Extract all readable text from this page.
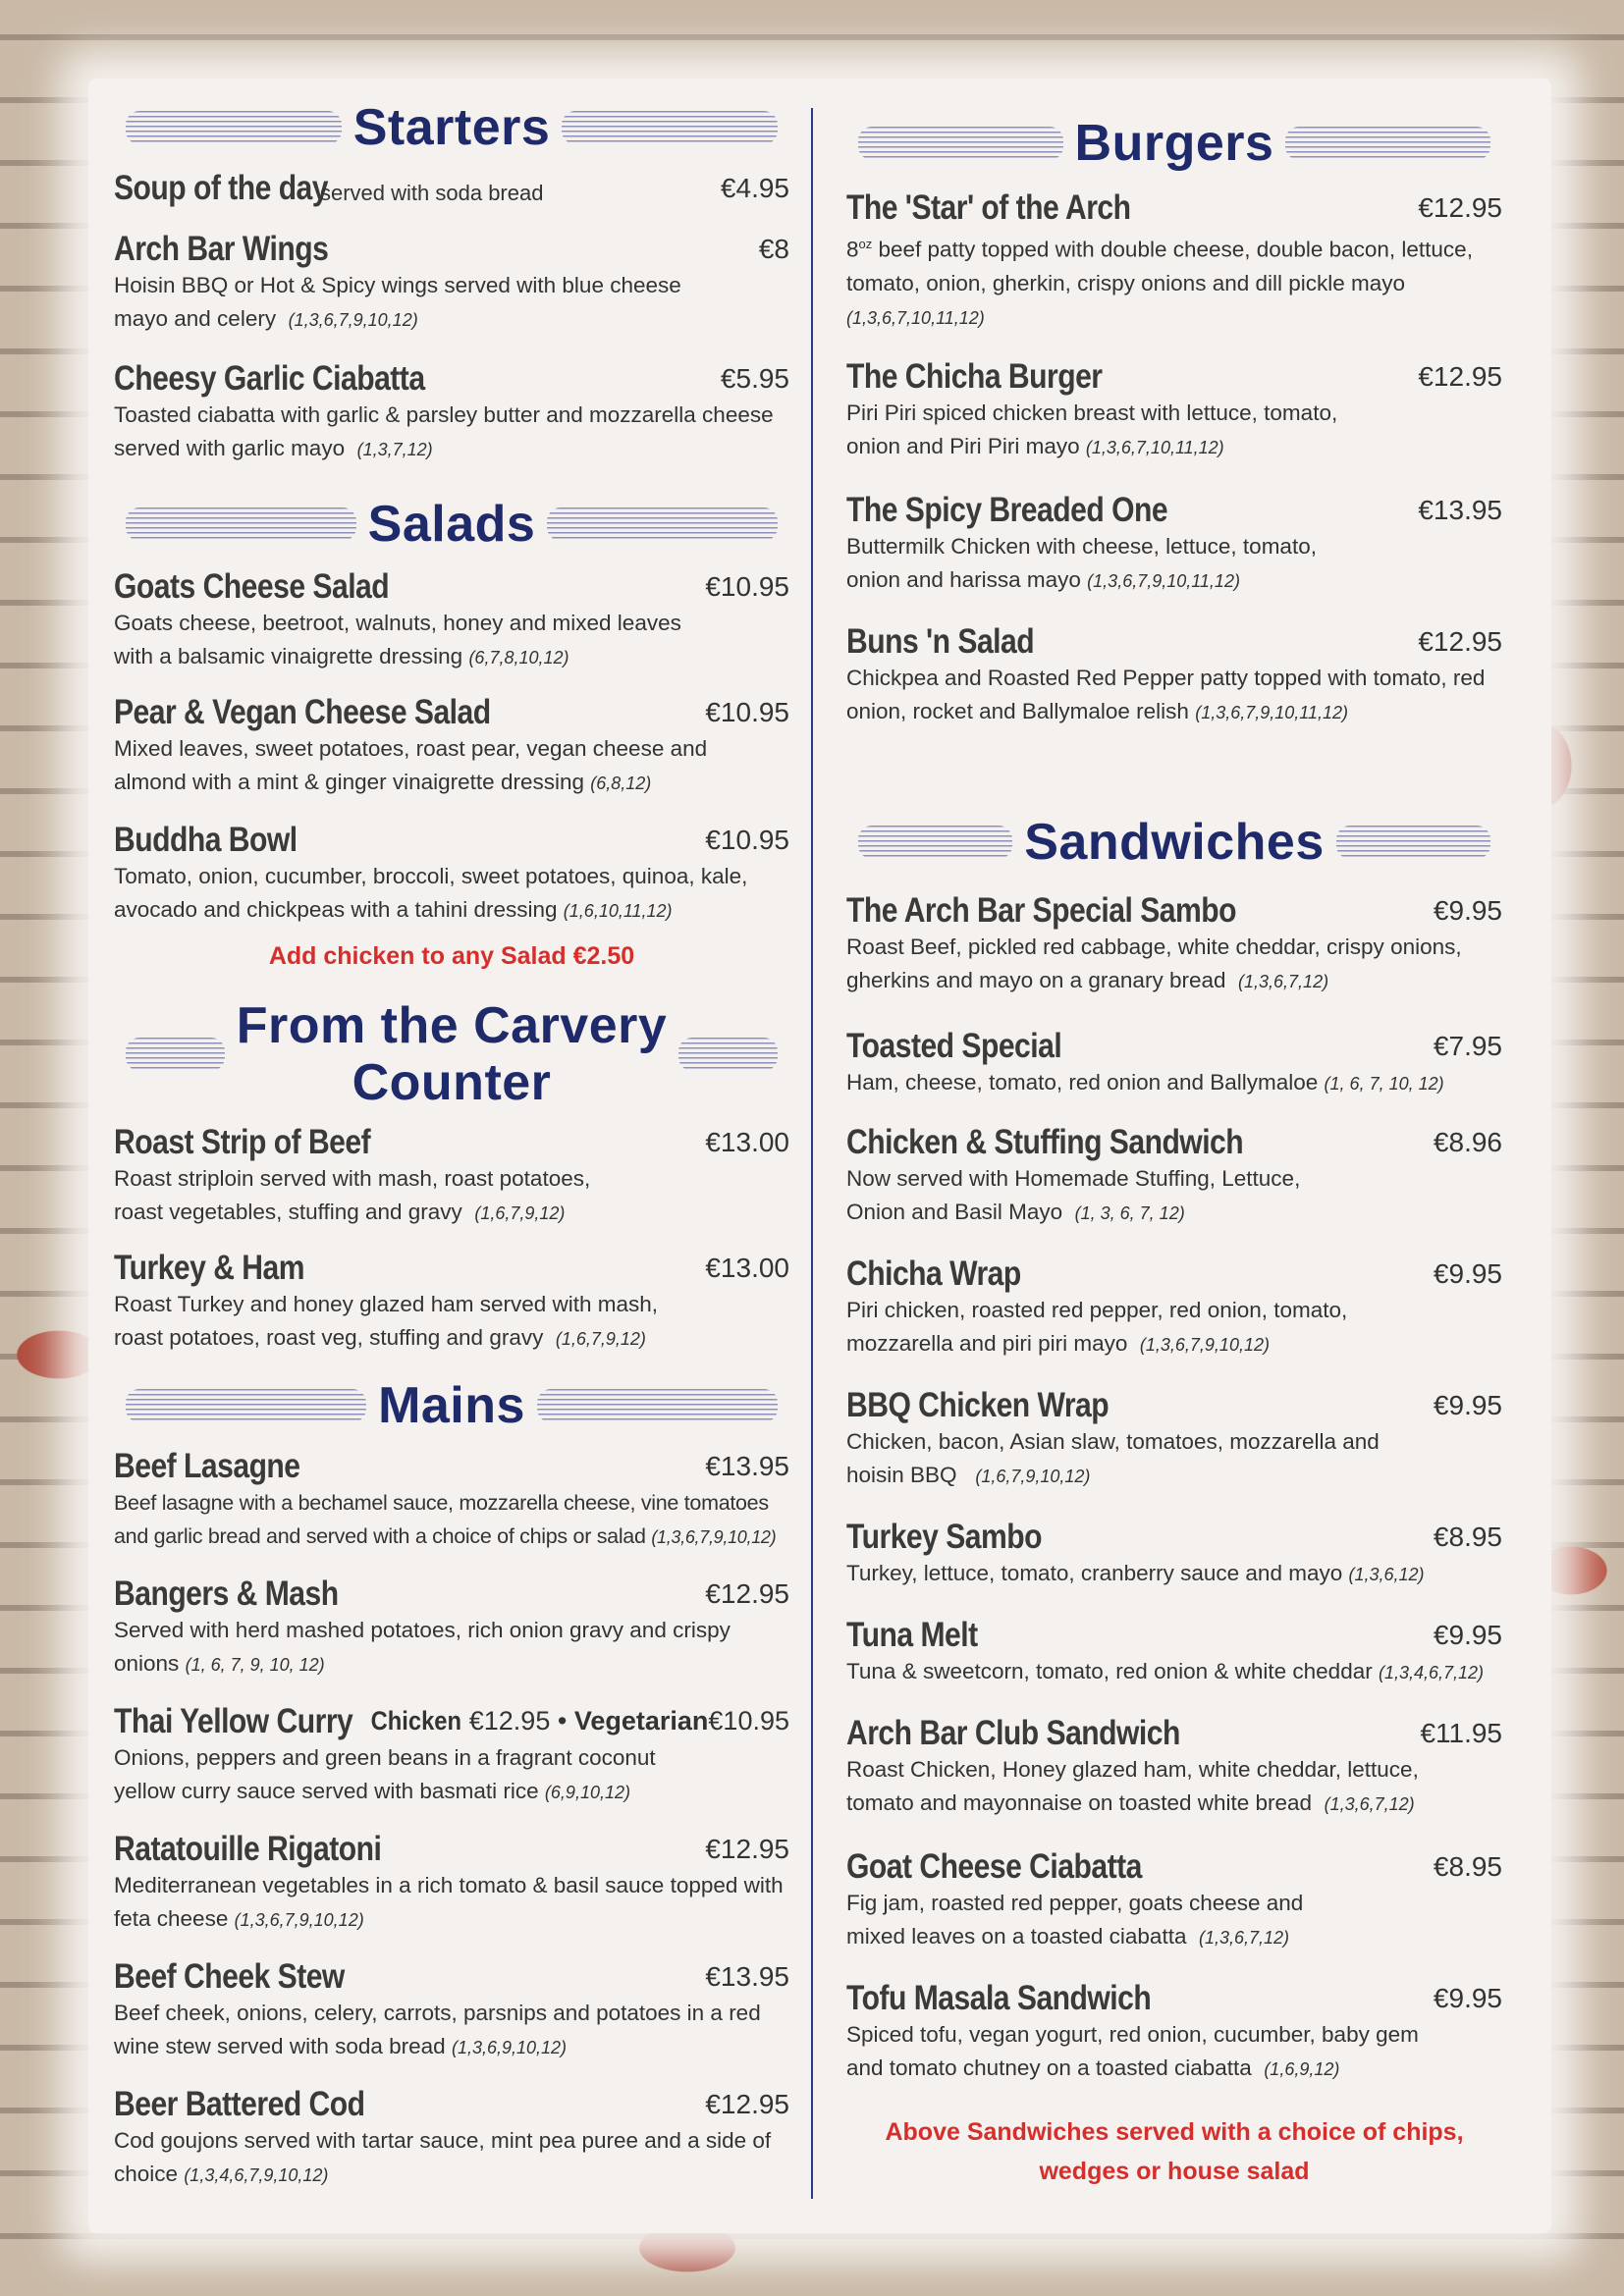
Starters
Soup of the day
served with soda bread	€4.95
Arch Bar Wings	€8
Hoisin BBQ or Hot & Spicy wings served with blue cheese mayo and celery (1,3,6,7,9,10,12)
Cheesy Garlic Ciabatta	€5.95
Toasted ciabatta with garlic & parsley butter and mozzarella cheese served with garlic mayo (1,3,7,12)
Salads
Goats Cheese Salad	€10.95
Goats cheese, beetroot, walnuts, honey and mixed leaves with a balsamic vinaigrette dressing (6,7,8,10,12)
Pear & Vegan Cheese Salad	€10.95
Mixed leaves, sweet potatoes, roast pear, vegan cheese and almond with a mint & ginger vinaigrette dressing (6,8,12)
Buddha Bowl	€10.95
Tomato, onion, cucumber, broccoli, sweet potatoes, quinoa, kale, avocado and chickpeas with a tahini dressing (1,6,10,11,12)
Add chicken to any Salad €2.50
From the Carvery
Counter
Roast Strip of Beef	€13.00
Roast striploin served with mash, roast potatoes, roast vegetables, stuffing and gravy (1,6,7,9,12)
Turkey & Ham	€13.00
Roast Turkey and honey glazed ham served with mash, roast potatoes, roast veg, stuffing and gravy (1,6,7,9,12)
Mains
Beef Lasagne	€13.95
Beef lasagne with a bechamel sauce, mozzarella cheese, vine tomatoes and garlic bread and served with a choice of chips or salad (1,3,6,7,9,10,12)
Bangers & Mash	€12.95
Served with herd mashed potatoes, rich onion gravy and crispy onions (1, 6, 7, 9, 10, 12)
Thai Yellow Curry Chicken €12.95 • Vegetarian€10.95
Onions, peppers and green beans in a fragrant coconut yellow curry sauce served with basmati rice (6,9,10,12)
Ratatouille Rigatoni	€12.95
Mediterranean vegetables in a rich tomato & basil sauce topped with feta cheese (1,3,6,7,9,10,12)
Beef Cheek Stew	€13.95
Beef cheek, onions, celery, carrots, parsnips and potatoes in a red wine stew served with soda bread (1,3,6,9,10,12)
Beer Battered Cod	€12.95
Cod goujons served with tartar sauce, mint pea puree and a side of choice (1,3,4,6,7,9,10,12)
Burgers
The 'Star' of the Arch	€12.95
$8^{oz}$ beef patty topped with double cheese, double bacon, lettuce, tomato, onion, gherkin, crispy onions and dill pickle mayo
(1,3,6,7,10,11,12)
The Chicha Burger	€12.95
Piri Piri spiced chicken breast with lettuce, tomato, onion and Piri Piri mayo (1,3,6,7,10,11,12)
The Spicy Breaded One	€13.95
Buttermilk Chicken with cheese, lettuce, tomato, onion and harissa mayo (1,3,6,7,9,10,11,12)
Buns 'n Salad	€12.95
Chickpea and Roasted Red Pepper patty topped with tomato, red onion, rocket and Ballymaloe relish (1,3,6,7,9,10,11,12)
Sandwiches
The Arch Bar Special Sambo	€9.95
Roast Beef, pickled red cabbage, white cheddar, crispy onions, gherkins and mayo on a granary bread (1,3,6,7,12)
Toasted Special	€7.95
Ham, cheese, tomato, red onion and Ballymaloe (1, 6, 7, 10, 12)
Chicken & Stuffing Sandwich	€8.96
Now served with Homemade Stuffing, Lettuce, Onion and Basil Mayo (1, 3, 6, 7, 12)
Chicha Wrap	€9.95
Piri chicken, roasted red pepper, red onion, tomato, mozzarella and piri piri mayo (1,3,6,7,9,10,12)
BBQ Chicken Wrap	€9.95
Chicken, bacon, Asian slaw, tomatoes, mozzarella and hoisin BBQ (1,6,7,9,10,12)
Turkey Sambo	€8.95
Turkey, lettuce, tomato, cranberry sauce and mayo (1,3,6,12)
Tuna Melt	€9.95
Tuna & sweetcorn, tomato, red onion & white cheddar (1,3,4,6,7,12)
Arch Bar Club Sandwich	€11.95
Roast Chicken, Honey glazed ham, white cheddar, lettuce, tomato and mayonnaise on toasted white bread (1,3,6,7,12)
Goat Cheese Ciabatta	€8.95
Fig jam, roasted red pepper, goats cheese and mixed leaves on a toasted ciabatta (1,3,6,7,12)
Tofu Masala Sandwich	€9.95
Spiced tofu, vegan yogurt, red onion, cucumber, baby gem and tomato chutney on a toasted ciabatta (1,6,9,12)
Above Sandwiches served with a choice of chips,
wedges or house salad
